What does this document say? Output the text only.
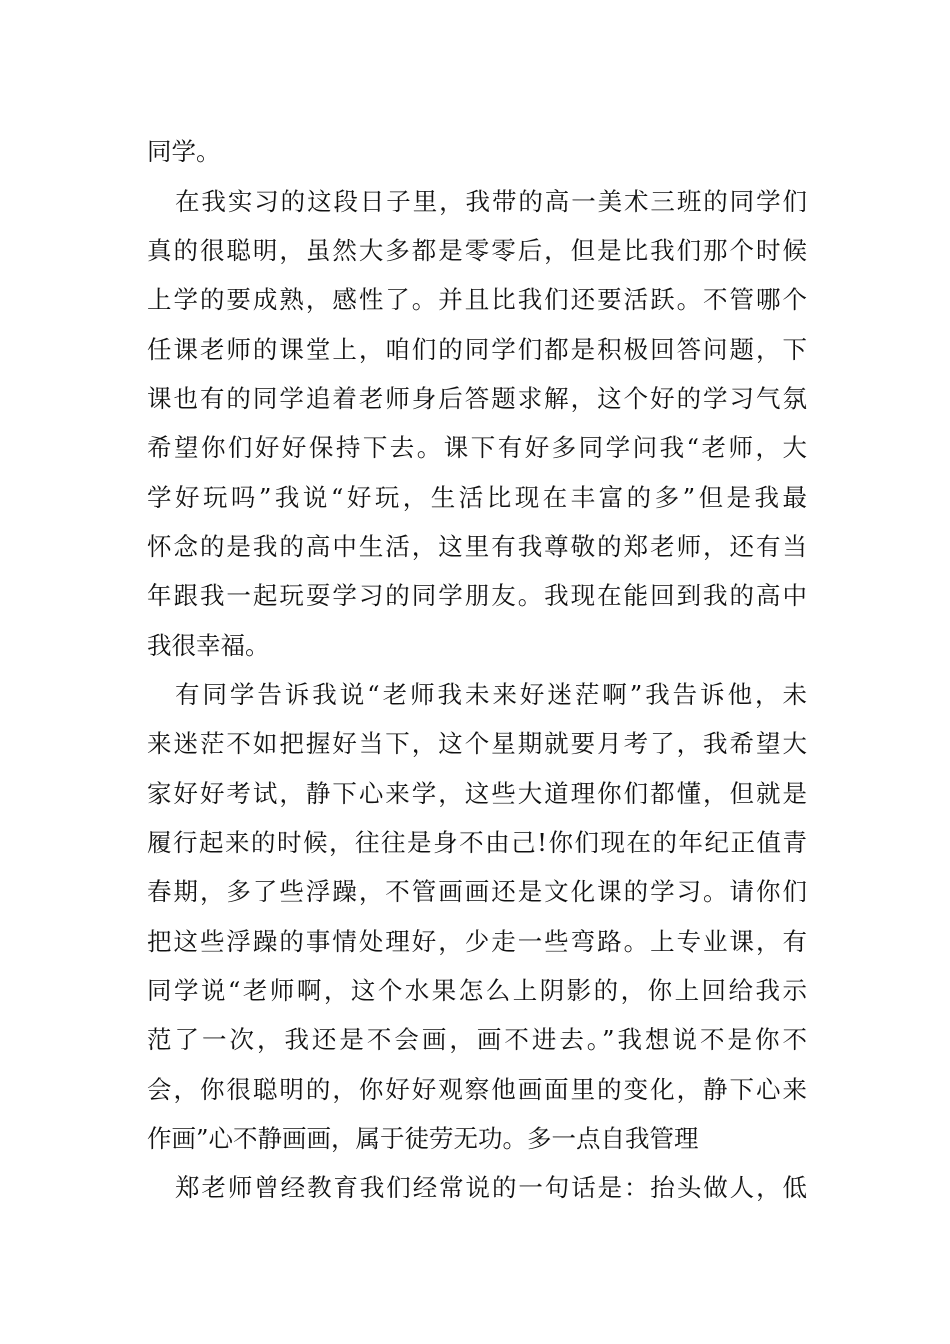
同学。
在我实习的这段日子里，我带的高一美术三班的同学们
真的很聪明，虽然大多都是零零后，但是比我们那个时候
上学的要成熟，感性了。并且比我们还要活跃。不管哪个
任课老师的课堂上，咱们的同学们都是积极回答问题，下
课也有的同学追着老师身后答题求解，这个好的学习气氛
希望你们好好保持下去。课下有好多同学问我“老师，大
学好玩吗”我说“好玩，生活比现在丰富的多”但是我最
怀念的是我的高中生活，这里有我尊敬的郑老师，还有当
年跟我一起玩耍学习的同学朋友。我现在能回到我的高中
我很幸福。
有同学告诉我说“老师我未来好迷茫啊”我告诉他，未
来迷茫不如把握好当下，这个星期就要月考了，我希望大
家好好考试，静下心来学，这些大道理你们都懂，但就是
履行起来的时候，往往是身不由己!你们现在的年纪正值青
春期，多了些浮躁，不管画画还是文化课的学习。请你们
把这些浮躁的事情处理好，少走一些弯路。上专业课，有
同学说“老师啊，这个水果怎么上阴影的，你上回给我示
范了一次，我还是不会画，画不进去。”我想说不是你不
会，你很聪明的，你好好观察他画面里的变化，静下心来
作画”心不静画画，属于徒劳无功。多一点自我管理
郑老师曾经教育我们经常说的一句话是：抬头做人，低
